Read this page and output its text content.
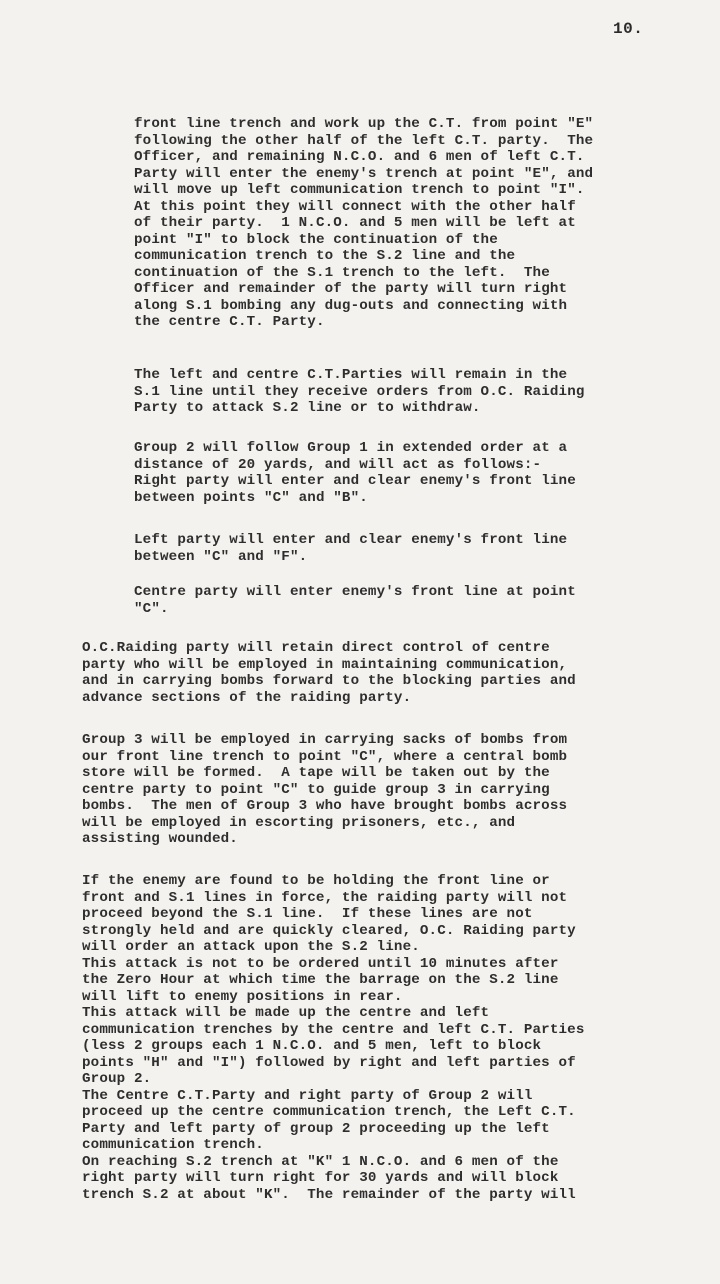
10.
front line trench and work up the C.T. from point "E"
following the other half of the left C.T. party.  The
Officer, and remaining N.C.O. and 6 men of left C.T.
Party will enter the enemy's trench at point "E", and
will move up left communication trench to point "I".
At this point they will connect with the other half
of their party.  1 N.C.O. and 5 men will be left at
point "I" to block the continuation of the
communication trench to the S.2 line and the
continuation of the S.1 trench to the left.  The
Officer and remainder of the party will turn right
along S.1 bombing any dug-outs and connecting with
the centre C.T. Party.
The left and centre C.T.Parties will remain in the
S.1 line until they receive orders from O.C. Raiding
Party to attack S.2 line or to withdraw.
Group 2 will follow Group 1 in extended order at a
distance of 20 yards, and will act as follows:-
Right party will enter and clear enemy's front line
between points "C" and "B".
Left party will enter and clear enemy's front line
between "C" and "F".
Centre party will enter enemy's front line at point
"C".
O.C.Raiding party will retain direct control of centre
party who will be employed in maintaining communication,
and in carrying bombs forward to the blocking parties and
advance sections of the raiding party.
Group 3 will be employed in carrying sacks of bombs from
our front line trench to point "C", where a central bomb
store will be formed.  A tape will be taken out by the
centre party to point "C" to guide group 3 in carrying
bombs.  The men of Group 3 who have brought bombs across
will be employed in escorting prisoners, etc., and
assisting wounded.
If the enemy are found to be holding the front line or
front and S.1 lines in force, the raiding party will not
proceed beyond the S.1 line.  If these lines are not
strongly held and are quickly cleared, O.C. Raiding party
will order an attack upon the S.2 line.
This attack is not to be ordered until 10 minutes after
the Zero Hour at which time the barrage on the S.2 line
will lift to enemy positions in rear.
This attack will be made up the centre and left
communication trenches by the centre and left C.T. Parties
(less 2 groups each 1 N.C.O. and 5 men, left to block
points "H" and "I") followed by right and left parties of
Group 2.
The Centre C.T.Party and right party of Group 2 will
proceed up the centre communication trench, the Left C.T.
Party and left party of group 2 proceeding up the left
communication trench.
On reaching S.2 trench at "K" 1 N.C.O. and 6 men of the
right party will turn right for 30 yards and will block
trench S.2 at about "K".  The remainder of the party will
